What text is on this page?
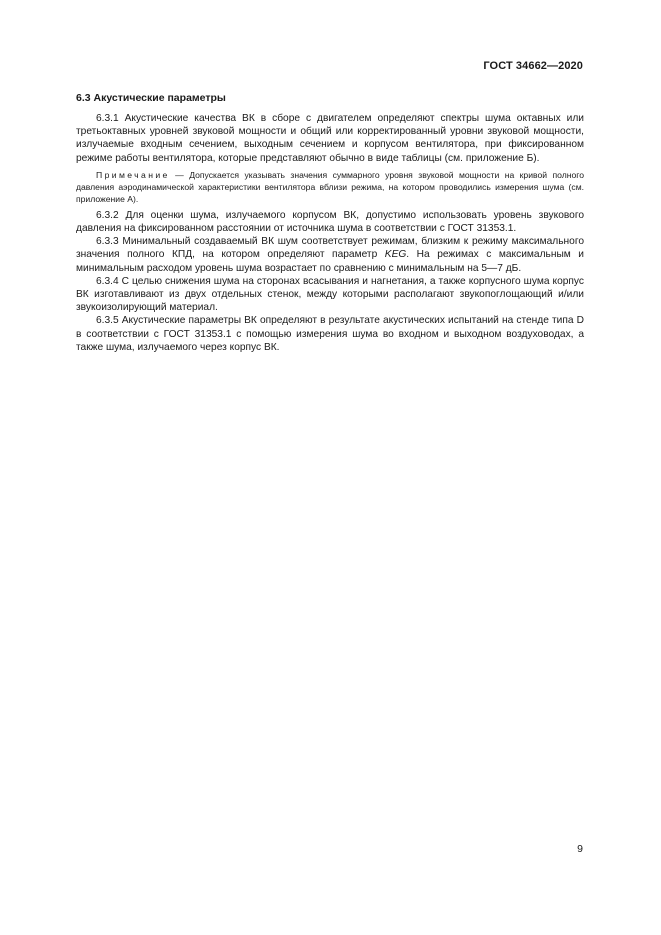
ГОСТ 34662—2020
6.3 Акустические параметры

6.3.1 Акустические качества ВК в сборе с двигателем определяют спектры шума октавных или третьоктавных уровней звуковой мощности и общий или корректированный уровни звуковой мощности, излучаемые входным сечением, выходным сечением и корпусом вентилятора, при фиксированном режиме работы вентилятора, которые представляют обычно в виде таблицы (см. приложение Б).

Примечание — Допускается указывать значения суммарного уровня звуковой мощности на кривой полного давления аэродинамической характеристики вентилятора вблизи режима, на котором проводились измерения шума (см. приложение А).

6.3.2 Для оценки шума, излучаемого корпусом ВК, допустимо использовать уровень звукового давления на фиксированном расстоянии от источника шума в соответствии с ГОСТ 31353.1.

6.3.3 Минимальный создаваемый ВК шум соответствует режимам, близким к режиму максимального значения полного КПД, на котором определяют параметр KEG. На режимах с максимальным и минимальным расходом уровень шума возрастает по сравнению с минимальным на 5—7 дБ.

6.3.4 С целью снижения шума на сторонах всасывания и нагнетания, а также корпусного шума корпус ВК изготавливают из двух отдельных стенок, между которыми располагают звукопоглощающий и/или звукоизолирующий материал.

6.3.5 Акустические параметры ВК определяют в результате акустических испытаний на стенде типа D в соответствии с ГОСТ 31353.1 с помощью измерения шума во входном и выходном воздуховодах, а также шума, излучаемого через корпус ВК.

9
